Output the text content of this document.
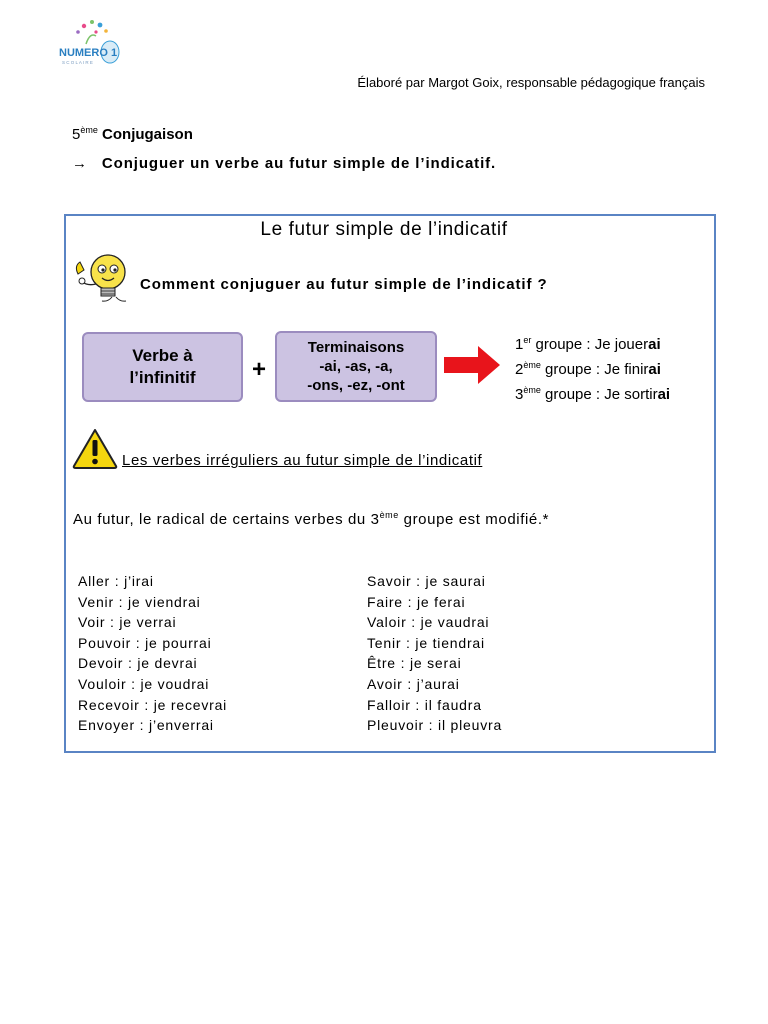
NUMERO 1
S C O L A I R E
Élaboré par Margot Goix, responsable pédagogique français
5ème Conjugaison
→ Conjuguer un verbe au futur simple de l’indicatif.
Le futur simple de l’indicatif
Comment conjuguer au futur simple de l’indicatif ?
Verbe à l’infinitif	+
Terminaisons
-ai, -as, -a,
-ons, -ez, -ont
1er groupe : Je jouerai
2ème groupe : Je finirai
3ème groupe : Je sortirai
Les verbes irréguliers au futur simple de l’indicatif
Au futur, le radical de certains verbes du 3ème groupe est modifié.*
Aller : j’irai
Venir : je viendrai
Voir : je verrai
Pouvoir : je pourrai
Devoir : je devrai
Vouloir : je voudrai
Recevoir : je recevrai
Envoyer : j’enverrai
Savoir : je saurai
Faire : je ferai
Valoir : je vaudrai
Tenir : je tiendrai
Être : je serai
Avoir : j’aurai
Falloir : il faudra
Pleuvoir : il pleuvra
